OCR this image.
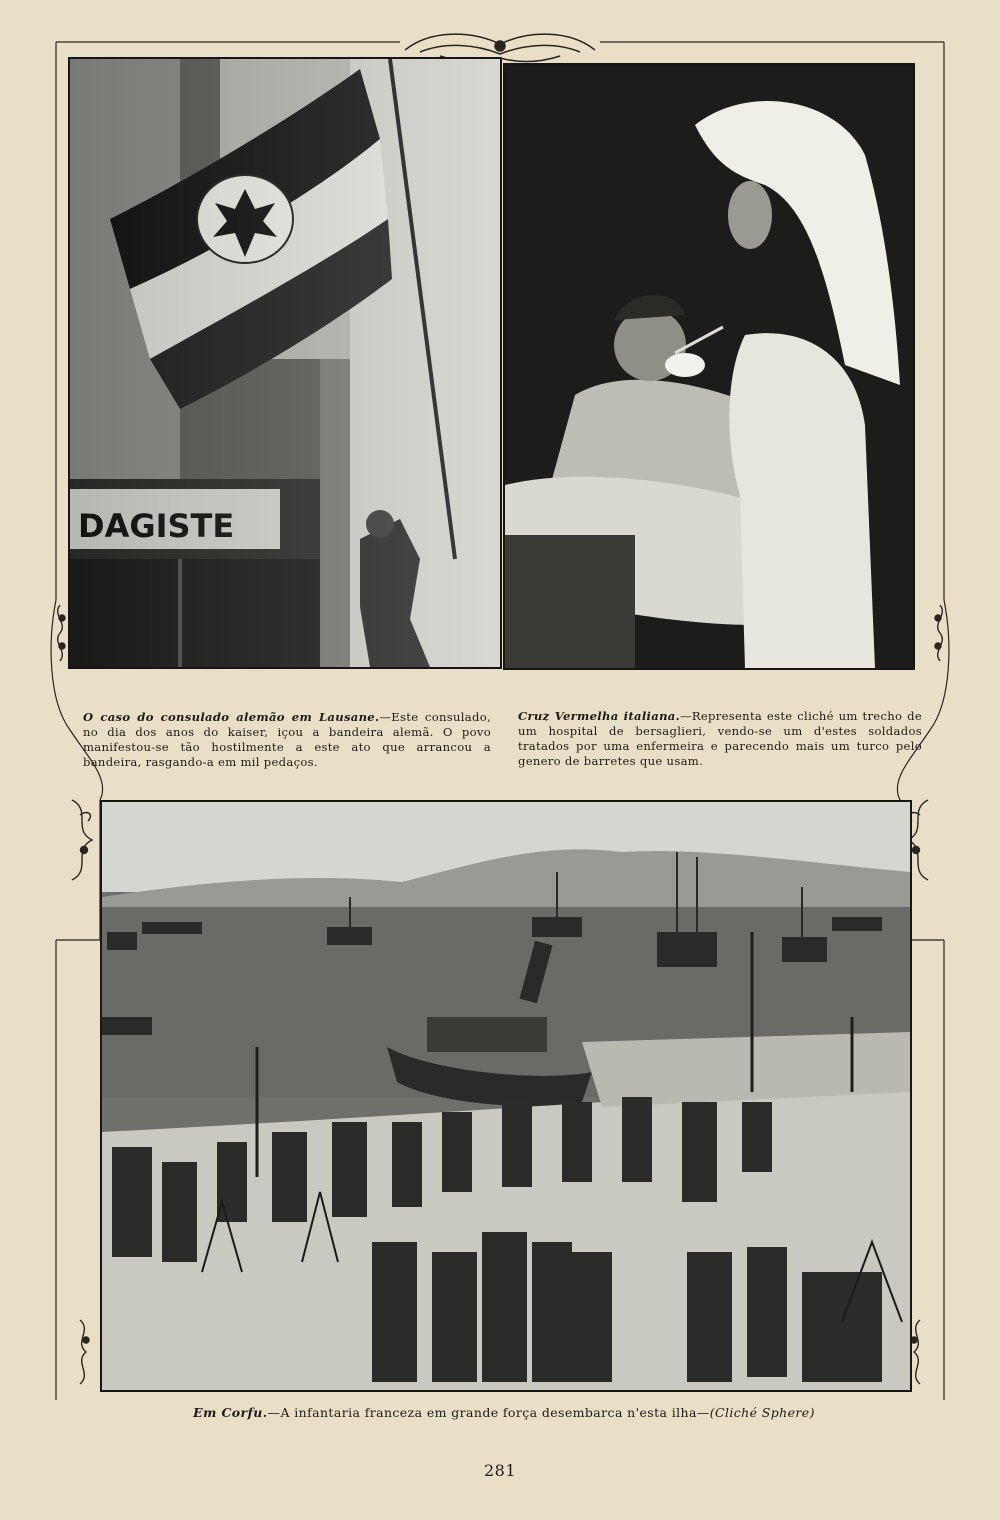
DAGISTE

O caso do consulado alemão em Lausane.—Este consulado, no dia dos anos do kaiser, içou a bandeira alemã. O povo manifestou-se tão hostilmente a este ato que arrancou a bandeira, rasgando-a em mil pedaços.

Cruz Vermelha italiana.—Representa este cliché um trecho de um hospital de bersaglieri, vendo-se um d'estes soldados tratados por uma enfermeira e parecendo mais um turco pelo genero de barretes que usam.

Em Corfu.—A infantaria franceza em grande força desembarca n'esta ilha—(Cliché Sphere)
281
